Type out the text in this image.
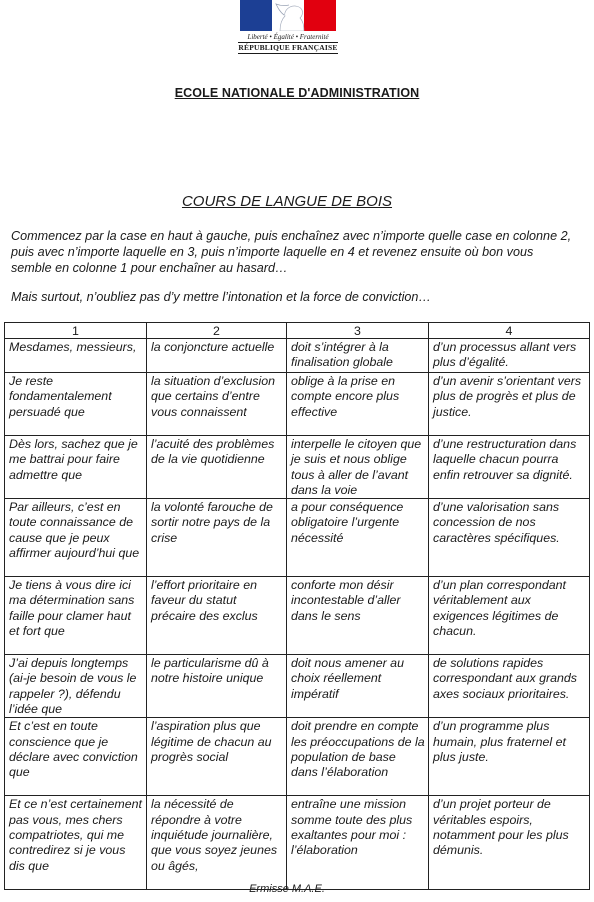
Liberté • Égalité • Fraternité
RÉPUBLIQUE FRANÇAISE
ECOLE NATIONALE D'ADMINISTRATION
COURS DE LANGUE DE BOIS

Commencez par la case en haut à gauche, puis enchaînez avec n’importe quelle case en colonne 2, puis avec n’importe laquelle en 3, puis n’importe laquelle en 4 et revenez ensuite où bon vous semble en colonne 1 pour enchaîner au hasard…

Mais surtout, n’oubliez pas d’y mettre l’intonation et la force de conviction…

1	2	3	4
Mesdames, messieurs,	la conjoncture actuelle	doit s’intégrer à la finalisation globale	d’un processus allant vers plus d’égalité.
Je reste fondamentalement persuadé que	la situation d’exclusion que certains d’entre vous connaissent	oblige à la prise en compte encore plus effective	d’un avenir s’orientant vers plus de progrès et plus de justice.
Dès lors, sachez que je me battrai pour faire admettre que	l’acuité des problèmes de la vie quotidienne	interpelle le citoyen que je suis et nous oblige tous à aller de l’avant dans la voie	d’une restructuration dans laquelle chacun pourra enfin retrouver sa dignité.
Par ailleurs, c’est en toute connaissance de cause que je peux affirmer aujourd’hui que	la volonté farouche de sortir notre pays de la crise	a pour conséquence obligatoire l’urgente nécessité	d’une valorisation sans concession de nos caractères spécifiques.
Je tiens à vous dire ici ma détermination sans faille pour clamer haut et fort que	l’effort prioritaire en faveur du statut précaire des exclus	conforte mon désir incontestable d’aller dans le sens	d’un plan correspondant véritablement aux exigences légitimes de chacun.
J’ai depuis longtemps (ai-je besoin de vous le rappeler ?), défendu l’idée que	le particularisme dû à notre histoire unique	doit nous amener au choix réellement impératif	de solutions rapides correspondant aux grands axes sociaux prioritaires.
Et c’est en toute conscience que je déclare avec conviction que	l’aspiration plus que légitime de chacun au progrès social	doit prendre en compte les préoccupations de la population de base dans l’élaboration	d’un programme plus humain, plus fraternel et plus juste.
Et ce n’est certainement pas vous, mes chers compatriotes, qui me contredirez si je vous dis que	la nécessité de répondre à votre inquiétude journalière, que vous soyez jeunes ou âgés,	entraîne une mission somme toute des plus exaltantes pour moi : l’élaboration	d’un projet porteur de véritables espoirs, notamment pour les plus démunis.
Ermisse M.A.E.
